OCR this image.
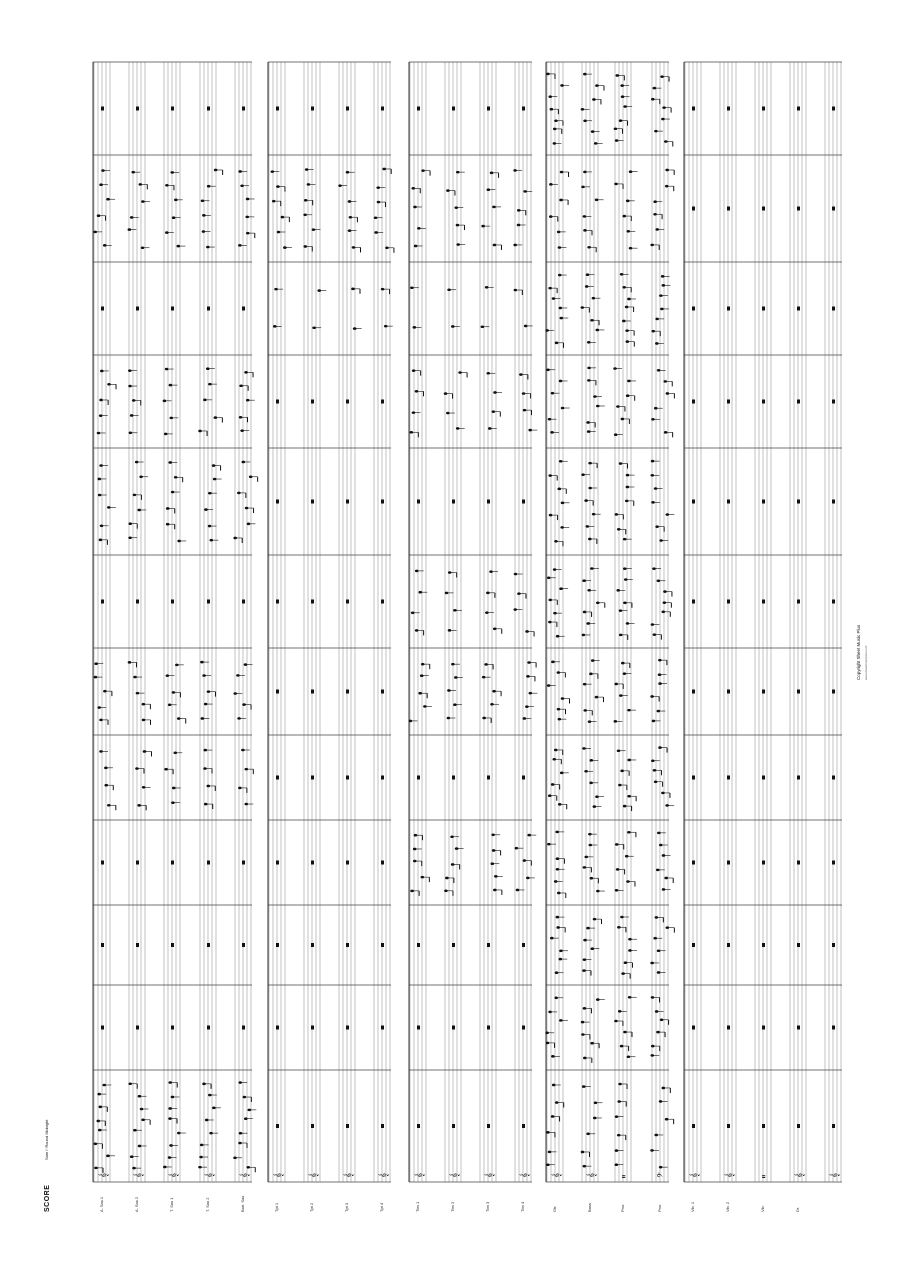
𝄞	𝄞	𝄞	𝄞	𝄞	𝄞	𝄞	𝄞	𝄞	𝄞	𝄞	𝄞	𝄞 𝄞	𝄞	𝄥	𝄢	𝄞	𝄞	𝄥	𝄞	𝄞
SCORE
Sam I 'Round Midnight
Copyright Sheet Music Plus www.sheetmusicplus.com
A. Sax 1	A. Sax 2	T. Sax 1	T. Sax 2	Bari. Sax	Tpt 1	Tpt 2	Tpt 3	Tpt 4	Tbn 1	Tbn 2	Tbn 3	Tbn 4	Gtr.	Bass	Pno.	Pno.	Vib. 1	Vib. 2	Vib.	Dr.
